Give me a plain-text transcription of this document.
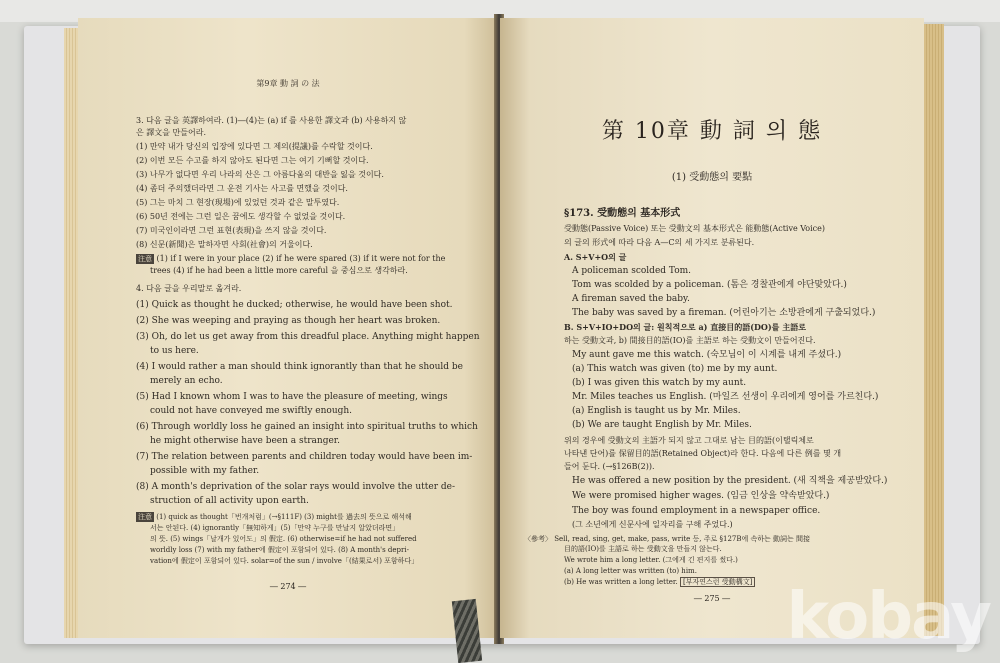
第9章 動 詞 の 法
3. 다음 글을 英譯하여라. (1)―(4)는 (a) if 를 사용한 譯文과 (b) 사용하지 않
은 譯文을 만들어라.
(1) 만약 내가 당신의 입장에 있다면 그 제의(提議)를 수락할 것이다.
(2) 이번 모든 수고를 하지 않아도 된다면 그는 여기 기뻐할 것이다.
(3) 나무가 없다면 우리 나라의 산은 그 아름다움의 대반을 잃을 것이다.
(4) 좀더 주의했더라면 그 운전 기사는 사고를 면했을 것이다.
(5) 그는 마치 그 현장(現場)에 있었던 것과 같은 말투였다.
(6) 50년 전에는 그런 일은 꿈에도 생각할 수 없었을 것이다.
(7) 미국인이라면 그런 표현(表現)을 쓰지 않을 것이다.
(8) 신문(新聞)은 말하자면 사회(社會)의 거울이다.
注意 (1) if I were in your place (2) if he were spared (3) if it were not for the
trees (4) if he had been a little more careful 을 중심으로 생각하라.
4. 다음 글을 우리말로 옮겨라.
(1) Quick as thought he ducked; otherwise, he would have been shot.
(2) She was weeping and praying as though her heart was broken.
(3) Oh, do let us get away from this dreadful place. Anything might happen
to us here.
(4) I would rather a man should think ignorantly than that he should be
merely an echo.
(5) Had I known whom I was to have the pleasure of meeting, wings
could not have conveyed me swiftly enough.
(6) Through worldly loss he gained an insight into spiritual truths to which
he might otherwise have been a stranger.
(7) The relation between parents and children today would have been im-
possible with my father.
(8) A month's deprivation of the solar rays would involve the utter de-
struction of all activity upon earth.
注意 (1) quick as thought「번개처럼」(→§111F) (3) might를 過去의 뜻으로 해석해
서는 안된다. (4) ignorantly「無知하게」(5)「만약 누구를 만날지 알았더라면」
의 뜻. (5) wings「날개가 있어도」의 假定. (6) otherwise=if he had not suffered
worldly loss (7) with my father에 假定이 포함되어 있다. (8) A month's depri-
vation에 假定이 포함되어 있다. solar=of the sun / involve「(結果로서) 포함하다」
― 274 ―
第 10章 動 詞 의 態
(1) 受動態의 要點
§173. 受動態의 基本形式
受動態(Passive Voice) 또는 受動文의 基本形式은 能動態(Active Voice)
의 글의 形式에 따라 다음 A—C의 세 가지로 분류된다.
A. S+V+O의 글
A policeman scolded Tom.
Tom was scolded by a policeman. (톰은 경찰관에게 야단맞았다.)
A fireman saved the baby.
The baby was saved by a fireman. (어린아기는 소방관에게 구출되었다.)
B. S+V+IO+DO의 글: 원칙적으로 a) 直接目的語(DO)를 主語로
하는 受動文과, b) 間接目的語(IO)를 主語로 하는 受動文이 만들어진다.
My aunt gave me this watch. (숙모님이 이 시계를 내게 주셨다.)
(a) This watch was given (to) me by my aunt.
(b) I was given this watch by my aunt.
Mr. Miles teaches us English. (마일즈 선생이 우리에게 영어를 가르친다.)
(a) English is taught us by Mr. Miles.
(b) We are taught English by Mr. Miles.
위의 경우에 受動文의 主語가 되지 않고 그대로 남는 目的語(이탤릭체로
나타낸 단어)를 保留目的語(Retained Object)라 한다. 다음에 다른 例를 몇 개
들어 둔다. (→§126B(2)).
He was offered a new position by the president. (새 직책을 제공받았다.)
We were promised higher wages. (임금 인상을 약속받았다.)
The boy was found employment in a newspaper office.
(그 소년에게 신문사에 일자리를 구해 주었다.)
〈參考〉 Sell, read, sing, get, make, pass, write 등, 주로 §127B에 속하는 動詞는 間接
目的語(IO)를 主語로 하는 受動文을 만들지 않는다.
We wrote him a long letter. (그에게 긴 편지를 썼다.)
(a) A long letter was written (to) him.
(b) He was written a long letter. [부자연스런 受動構文]
― 275 ― kobay
